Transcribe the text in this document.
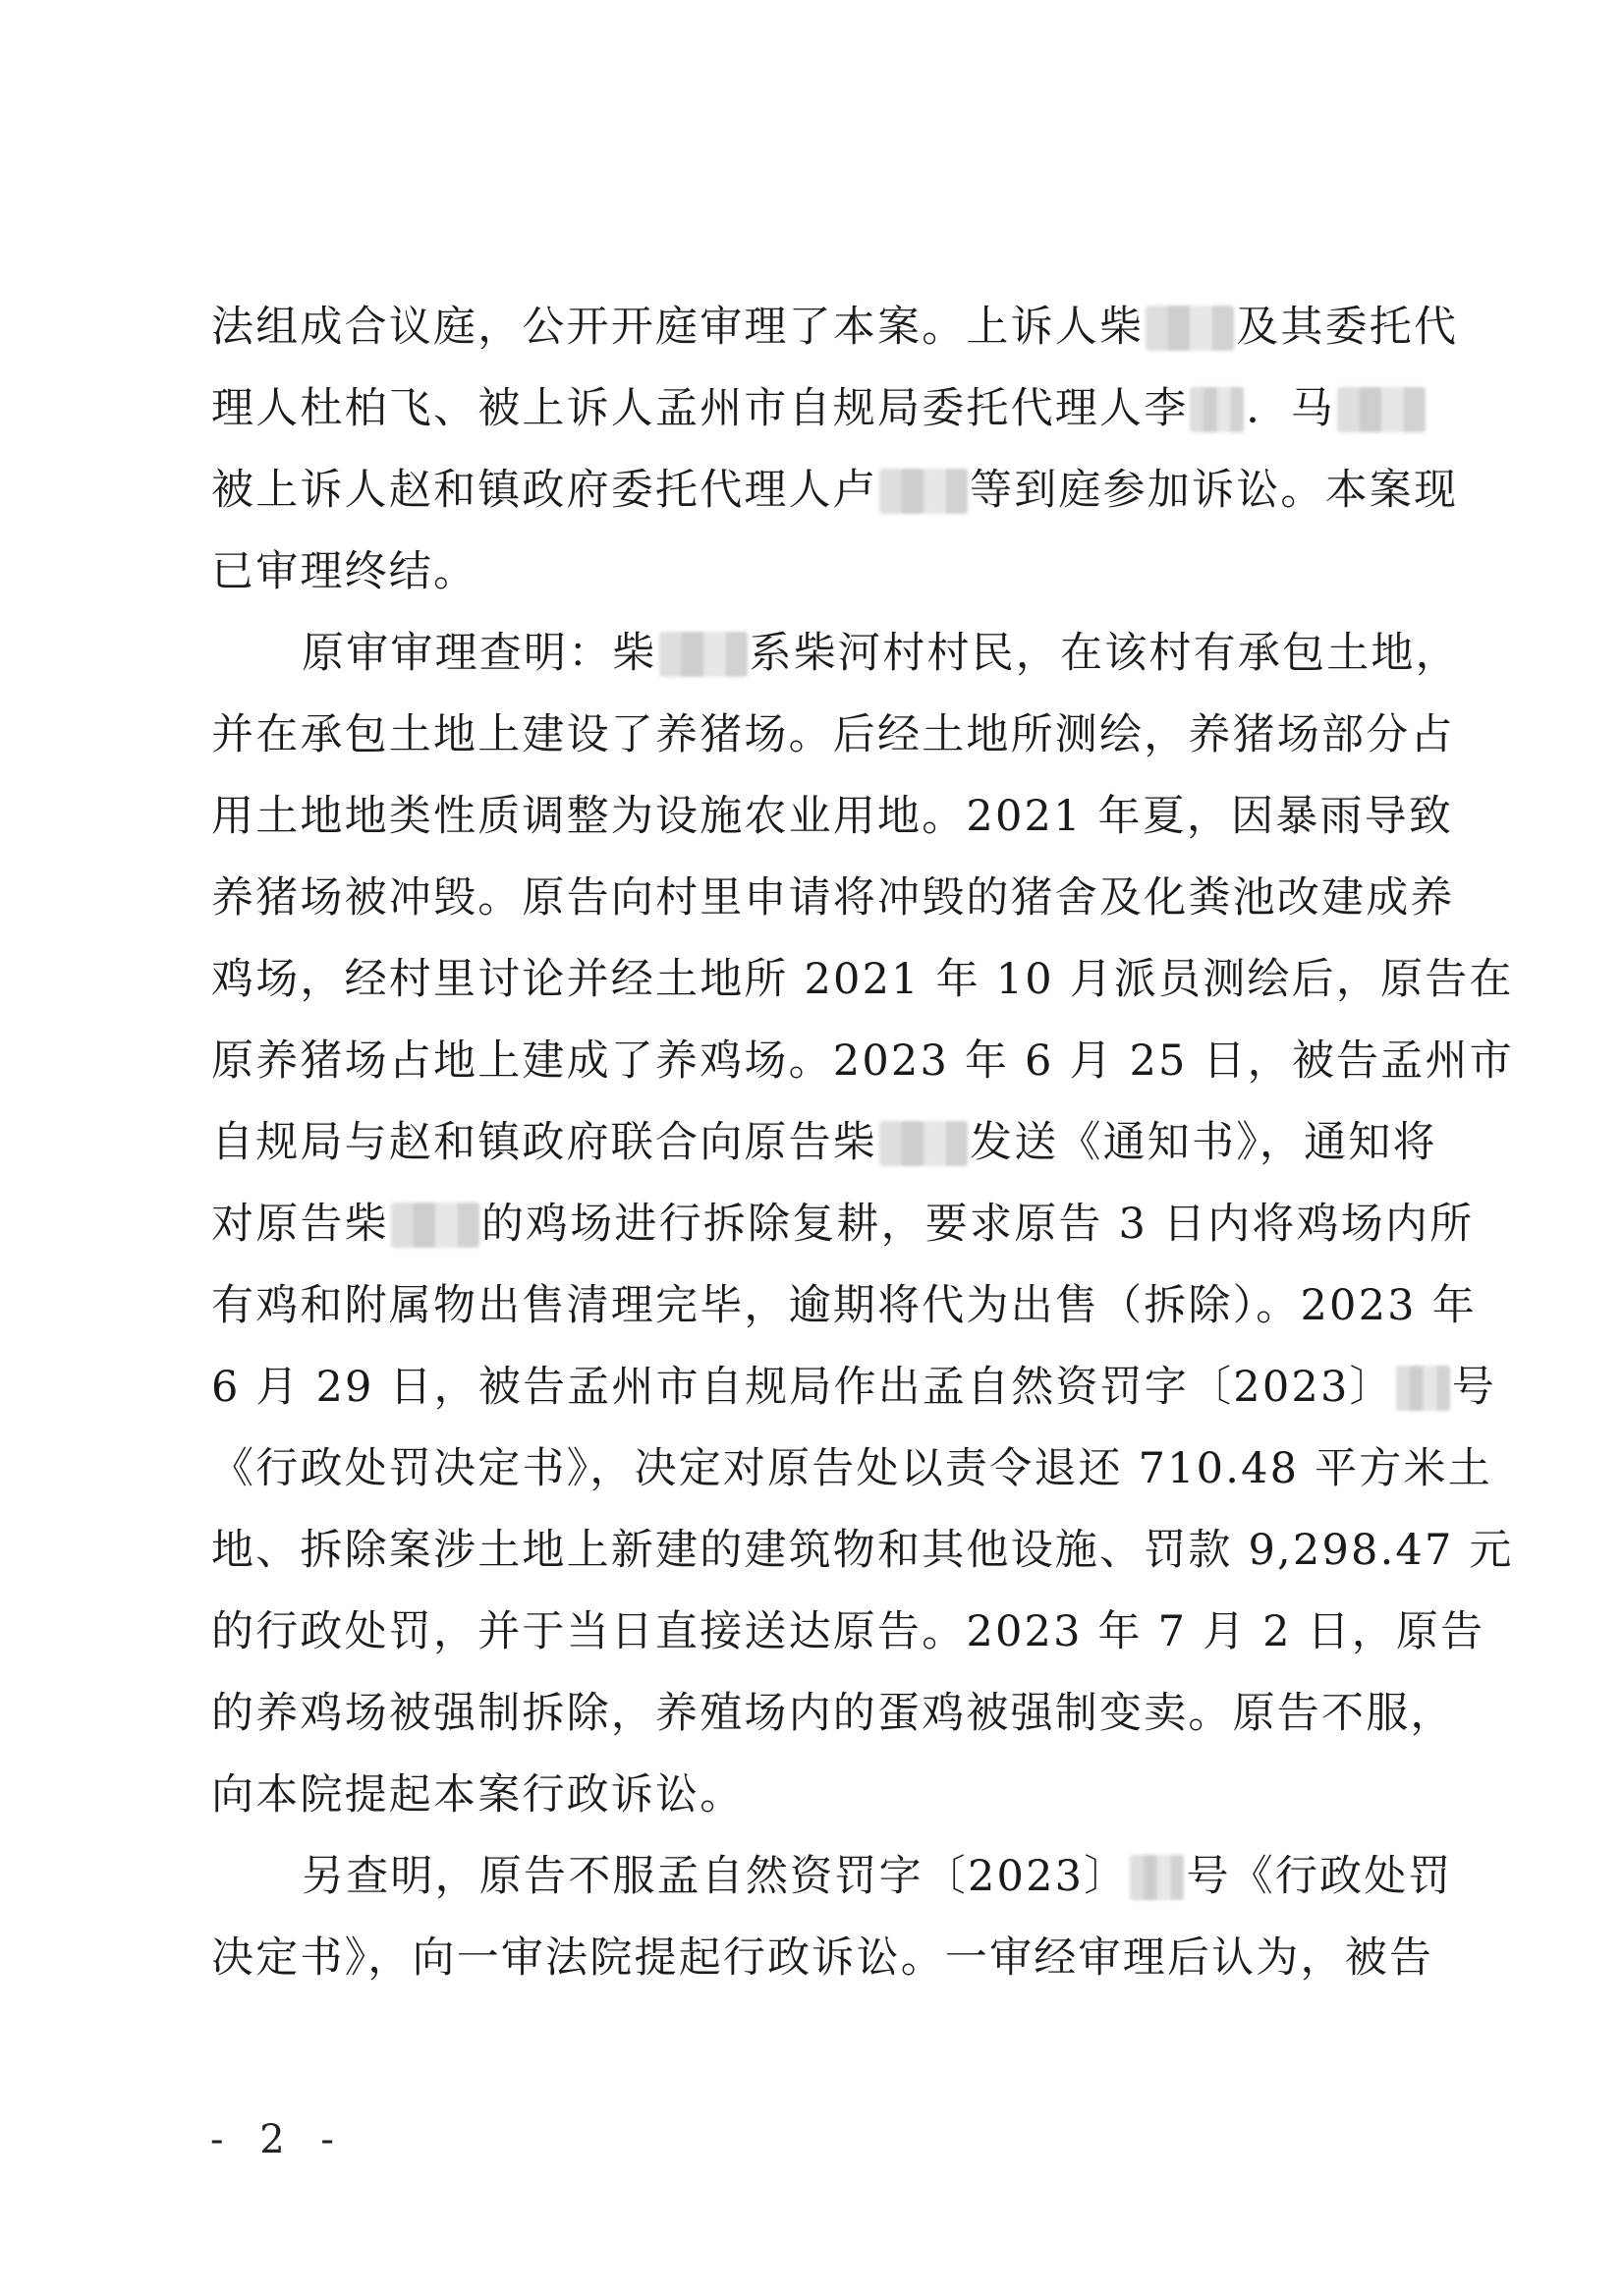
法组成合议庭，公开开庭审理了本案。上诉人柴 及其委托代
理人杜柏飞、被上诉人孟州市自规局委托代理人李 ．马
被上诉人赵和镇政府委托代理人卢 等到庭参加诉讼。本案现
已审理终结。
原审审理查明：柴 系柴河村村民，在该村有承包土地，
并在承包土地上建设了养猪场。后经土地所测绘，养猪场部分占
用土地地类性质调整为设施农业用地。2021 年夏，因暴雨导致
养猪场被冲毁。原告向村里申请将冲毁的猪舍及化粪池改建成养
鸡场，经村里讨论并经土地所 2021 年 10 月派员测绘后，原告在
原养猪场占地上建成了养鸡场。2023 年 6 月 25 日，被告孟州市
自规局与赵和镇政府联合向原告柴 发送《通知书》，通知将
对原告柴 的鸡场进行拆除复耕，要求原告 3 日内将鸡场内所
有鸡和附属物出售清理完毕，逾期将代为出售（拆除）。2023 年
6 月 29 日，被告孟州市自规局作出孟自然资罚字〔2023〕 号
《行政处罚决定书》，决定对原告处以责令退还 710.48 平方米土
地、拆除案涉土地上新建的建筑物和其他设施、罚款 9,298.47 元
的行政处罚，并于当日直接送达原告。2023 年 7 月 2 日，原告
的养鸡场被强制拆除，养殖场内的蛋鸡被强制变卖。原告不服，
向本院提起本案行政诉讼。
另查明，原告不服孟自然资罚字〔2023〕 号《行政处罚
决定书》，向一审法院提起行政诉讼。一审经审理后认为，被告
- 2 -
